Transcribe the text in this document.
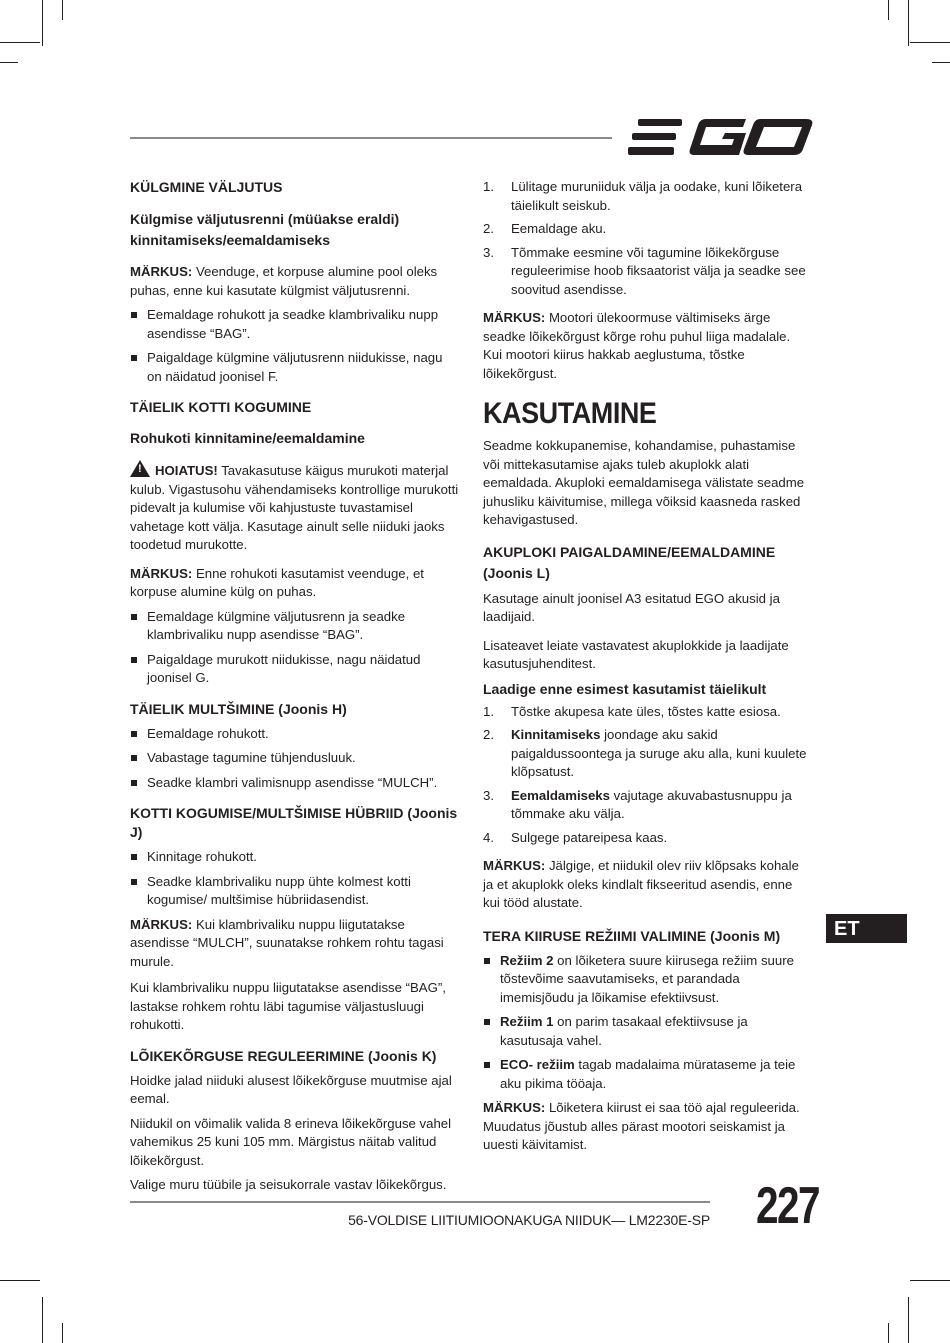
KÜLGMINE VÄLJUTUS
Külgmise väljutusrenni (müüakse eraldi) kinnitamiseks/eemaldamiseks
MÄRKUS: Veenduge, et korpuse alumine pool oleks puhas, enne kui kasutate külgmist väljutusrenni.
Eemaldage rohukott ja seadke klambrivaliku nupp asendisse “BAG”.
Paigaldage külgmine väljutusrenn niidukisse, nagu on näidatud joonisel F.
TÄIELIK KOTTI KOGUMINE
Rohukoti kinnitamine/eemaldamine
! HOIATUS! Tavakasutuse käigus murukoti materjal kulub. Vigastusohu vähendamiseks kontrollige murukotti pidevalt ja kulumise või kahjustuste tuvastamisel vahetage kott välja. Kasutage ainult selle niiduki jaoks toodetud murukotte.
MÄRKUS: Enne rohukoti kasutamist veenduge, et korpuse alumine külg on puhas.
Eemaldage külgmine väljutusrenn ja seadke klambrivaliku nupp asendisse “BAG”.
Paigaldage murukott niidukisse, nagu näidatud joonisel G.
TÄIELIK MULTŠIMINE (Joonis H)
Eemaldage rohukott.
Vabastage tagumine tühjendusluuk.
Seadke klambri valimisnupp asendisse “MULCH”.
KOTTI KOGUMISE/MULTŠIMISE HÜBRIID (Joonis J)
Kinnitage rohukott.
Seadke klambrivaliku nupp ühte kolmest kotti kogumise/ multšimise hübriidasendist.
MÄRKUS: Kui klambrivaliku nuppu liigutatakse asendisse “MULCH”, suunatakse rohkem rohtu tagasi murule.
Kui klambrivaliku nuppu liigutatakse asendisse “BAG”, lastakse rohkem rohtu läbi tagumise väljastusluugi rohukotti.
LÕIKEKÕRGUSE REGULEERIMINE (Joonis K)
Hoidke jalad niiduki alusest lõikekõrguse muutmise ajal eemal.
Niidukil on võimalik valida 8 erineva lõikekõrguse vahel vahemikus 25 kuni 105 mm. Märgistus näitab valitud lõikekõrgust.
Valige muru tüübile ja seisukorrale vastav lõikekõrgus.
1. Lülitage muruniiduk välja ja oodake, kuni lõiketera täielikult seiskub.
2. Eemaldage aku.
3. Tõmmake eesmine või tagumine lõikekõrguse reguleerimise hoob fiksaatorist välja ja seadke see soovitud asendisse.
MÄRKUS: Mootori ülekoormuse vältimiseks ärge seadke lõikekõrgust kõrge rohu puhul liiga madalale. Kui mootori kiirus hakkab aeglustuma, tõstke lõikekõrgust.
KASUTAMINE
Seadme kokkupanemise, kohandamise, puhastamise või mittekasutamise ajaks tuleb akuplokk alati eemaldada. Akuploki eemaldamisega välistate seadme juhusliku käivitumise, millega võiksid kaasneda rasked kehavigastused.
AKUPLOKI PAIGALDAMINE/EEMALDAMINE (Joonis L)
Kasutage ainult joonisel A3 esitatud EGO akusid ja laadijaid.
Lisateavet leiate vastavatest akuplokkide ja laadijate kasutusjuhenditest.
Laadige enne esimest kasutamist täielikult
1. Tõstke akupesa kate üles, tõstes katte esiosa.
2. Kinnitamiseks joondage aku sakid paigaldussoontega ja suruge aku alla, kuni kuulete klõpsatust.
3. Eemaldamiseks vajutage akuvabastusnuppu ja tõmmake aku välja.
4. Sulgege patareipesa kaas.
MÄRKUS: Jälgige, et niidukil olev riiv klõpsaks kohale ja et akuplokk oleks kindlalt fikseeritud asendis, enne kui tööd alustate.
TERA KIIRUSE REŽIIMI VALIMINE (Joonis M)
Režiim 2 on lõiketera suure kiirusega režiim suure tõstevõime saavutamiseks, et parandada imemisjõudu ja lõikamise efektiivsust.
Režiim 1 on parim tasakaal efektiivsuse ja kasutusaja vahel.
ECO- režiim tagab madalaima mürataseme ja teie aku pikima tööaja.
MÄRKUS: Lõiketera kiirust ei saa töö ajal reguleerida. Muudatus jõustub alles pärast mootori seiskamist ja uuesti käivitamist.
ET
56-VOLDISE LIITIUMIOONAKUGA NIIDUK— LM2230E-SP 227
